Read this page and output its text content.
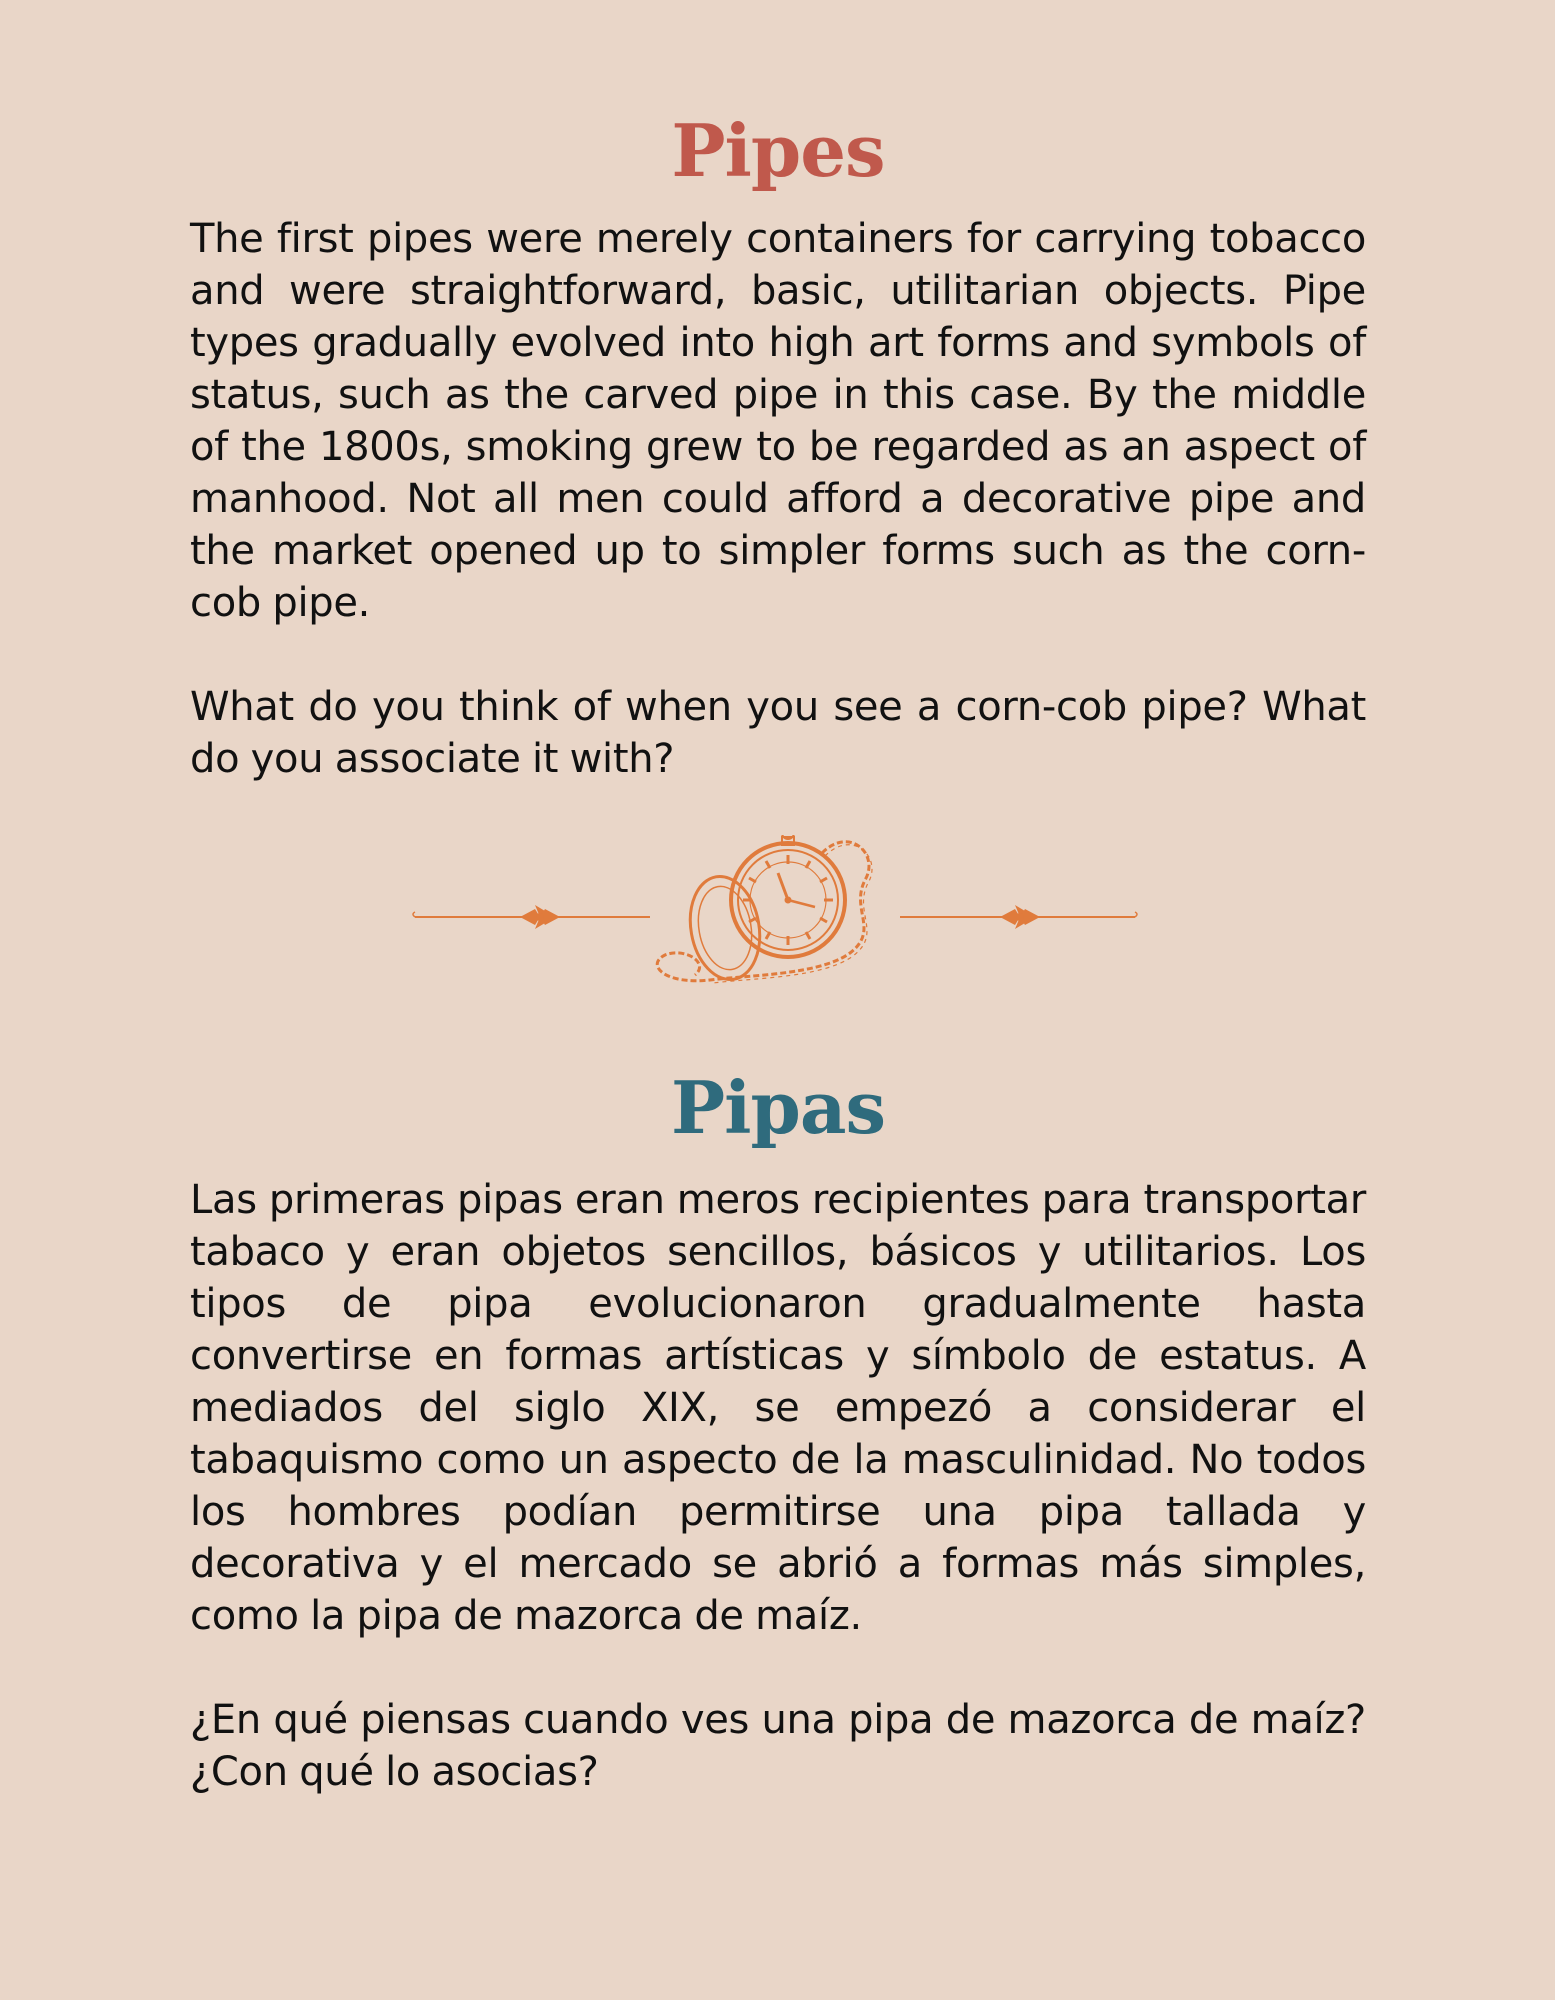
Pipes

The first pipes were merely containers for carrying tobacco and were straightforward, basic, utilitarian objects. Pipe types gradually evolved into high art forms and symbols of status, such as the carved pipe in this case. By the middle of the 1800s, smoking grew to be regarded as an aspect of manhood. Not all men could afford a decorative pipe and the market opened up to simpler forms such as the corn-cob pipe.

What do you think of when you see a corn-cob pipe? What do you associate it with?

Pipas

Las primeras pipas eran meros recipientes para transportar tabaco y eran objetos sencillos, básicos y utilitarios. Los tipos de pipa evolucionaron gradualmente hasta convertirse en formas artísticas y símbolo de estatus. A mediados del siglo XIX, se empezó a considerar el tabaquismo como un aspecto de la masculinidad. No todos los hombres podían permitirse una pipa tallada y decorativa y el mercado se abrió a formas más simples, como la pipa de mazorca de maíz.

¿En qué piensas cuando ves una pipa de mazorca de maíz? ¿Con qué lo asocias?
